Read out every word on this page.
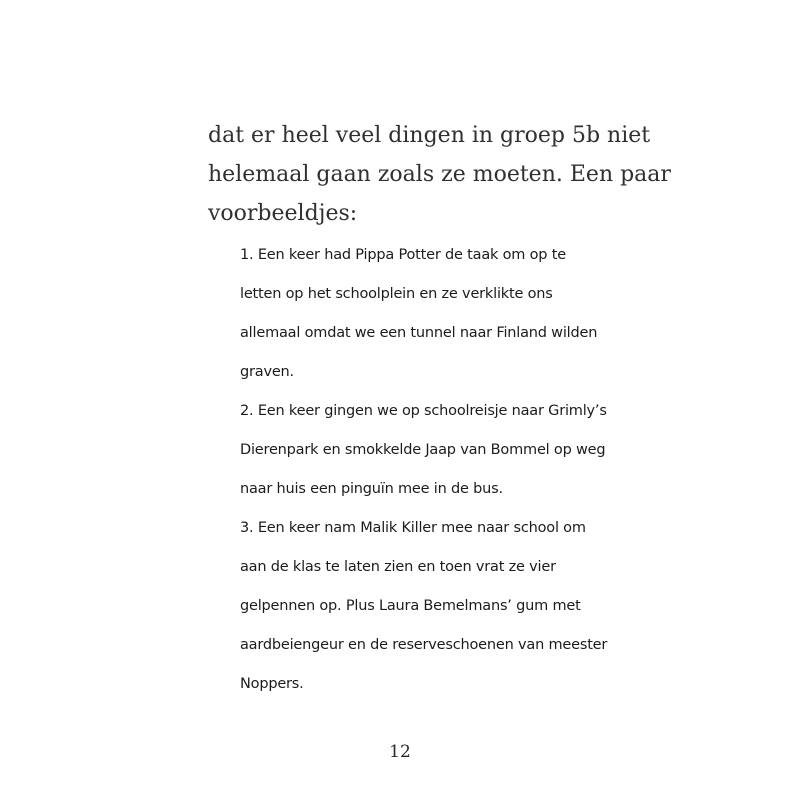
dat er heel veel dingen in groep 5b niet
helemaal gaan zoals ze moeten. Een paar
voorbeeldjes:

1. Een keer had Pippa Potter de taak om op te
letten op het schoolplein en ze verklikte ons
allemaal omdat we een tunnel naar Finland wilden
graven.
2. Een keer gingen we op schoolreisje naar Grimly’s
Dierenpark en smokkelde Jaap van Bommel op weg
naar huis een pinguïn mee in de bus.
3. Een keer nam Malik Killer mee naar school om
aan de klas te laten zien en toen vrat ze vier
gelpennen op. Plus Laura Bemelmans’ gum met
aardbeiengeur en de reserveschoenen van meester
Noppers.

12
